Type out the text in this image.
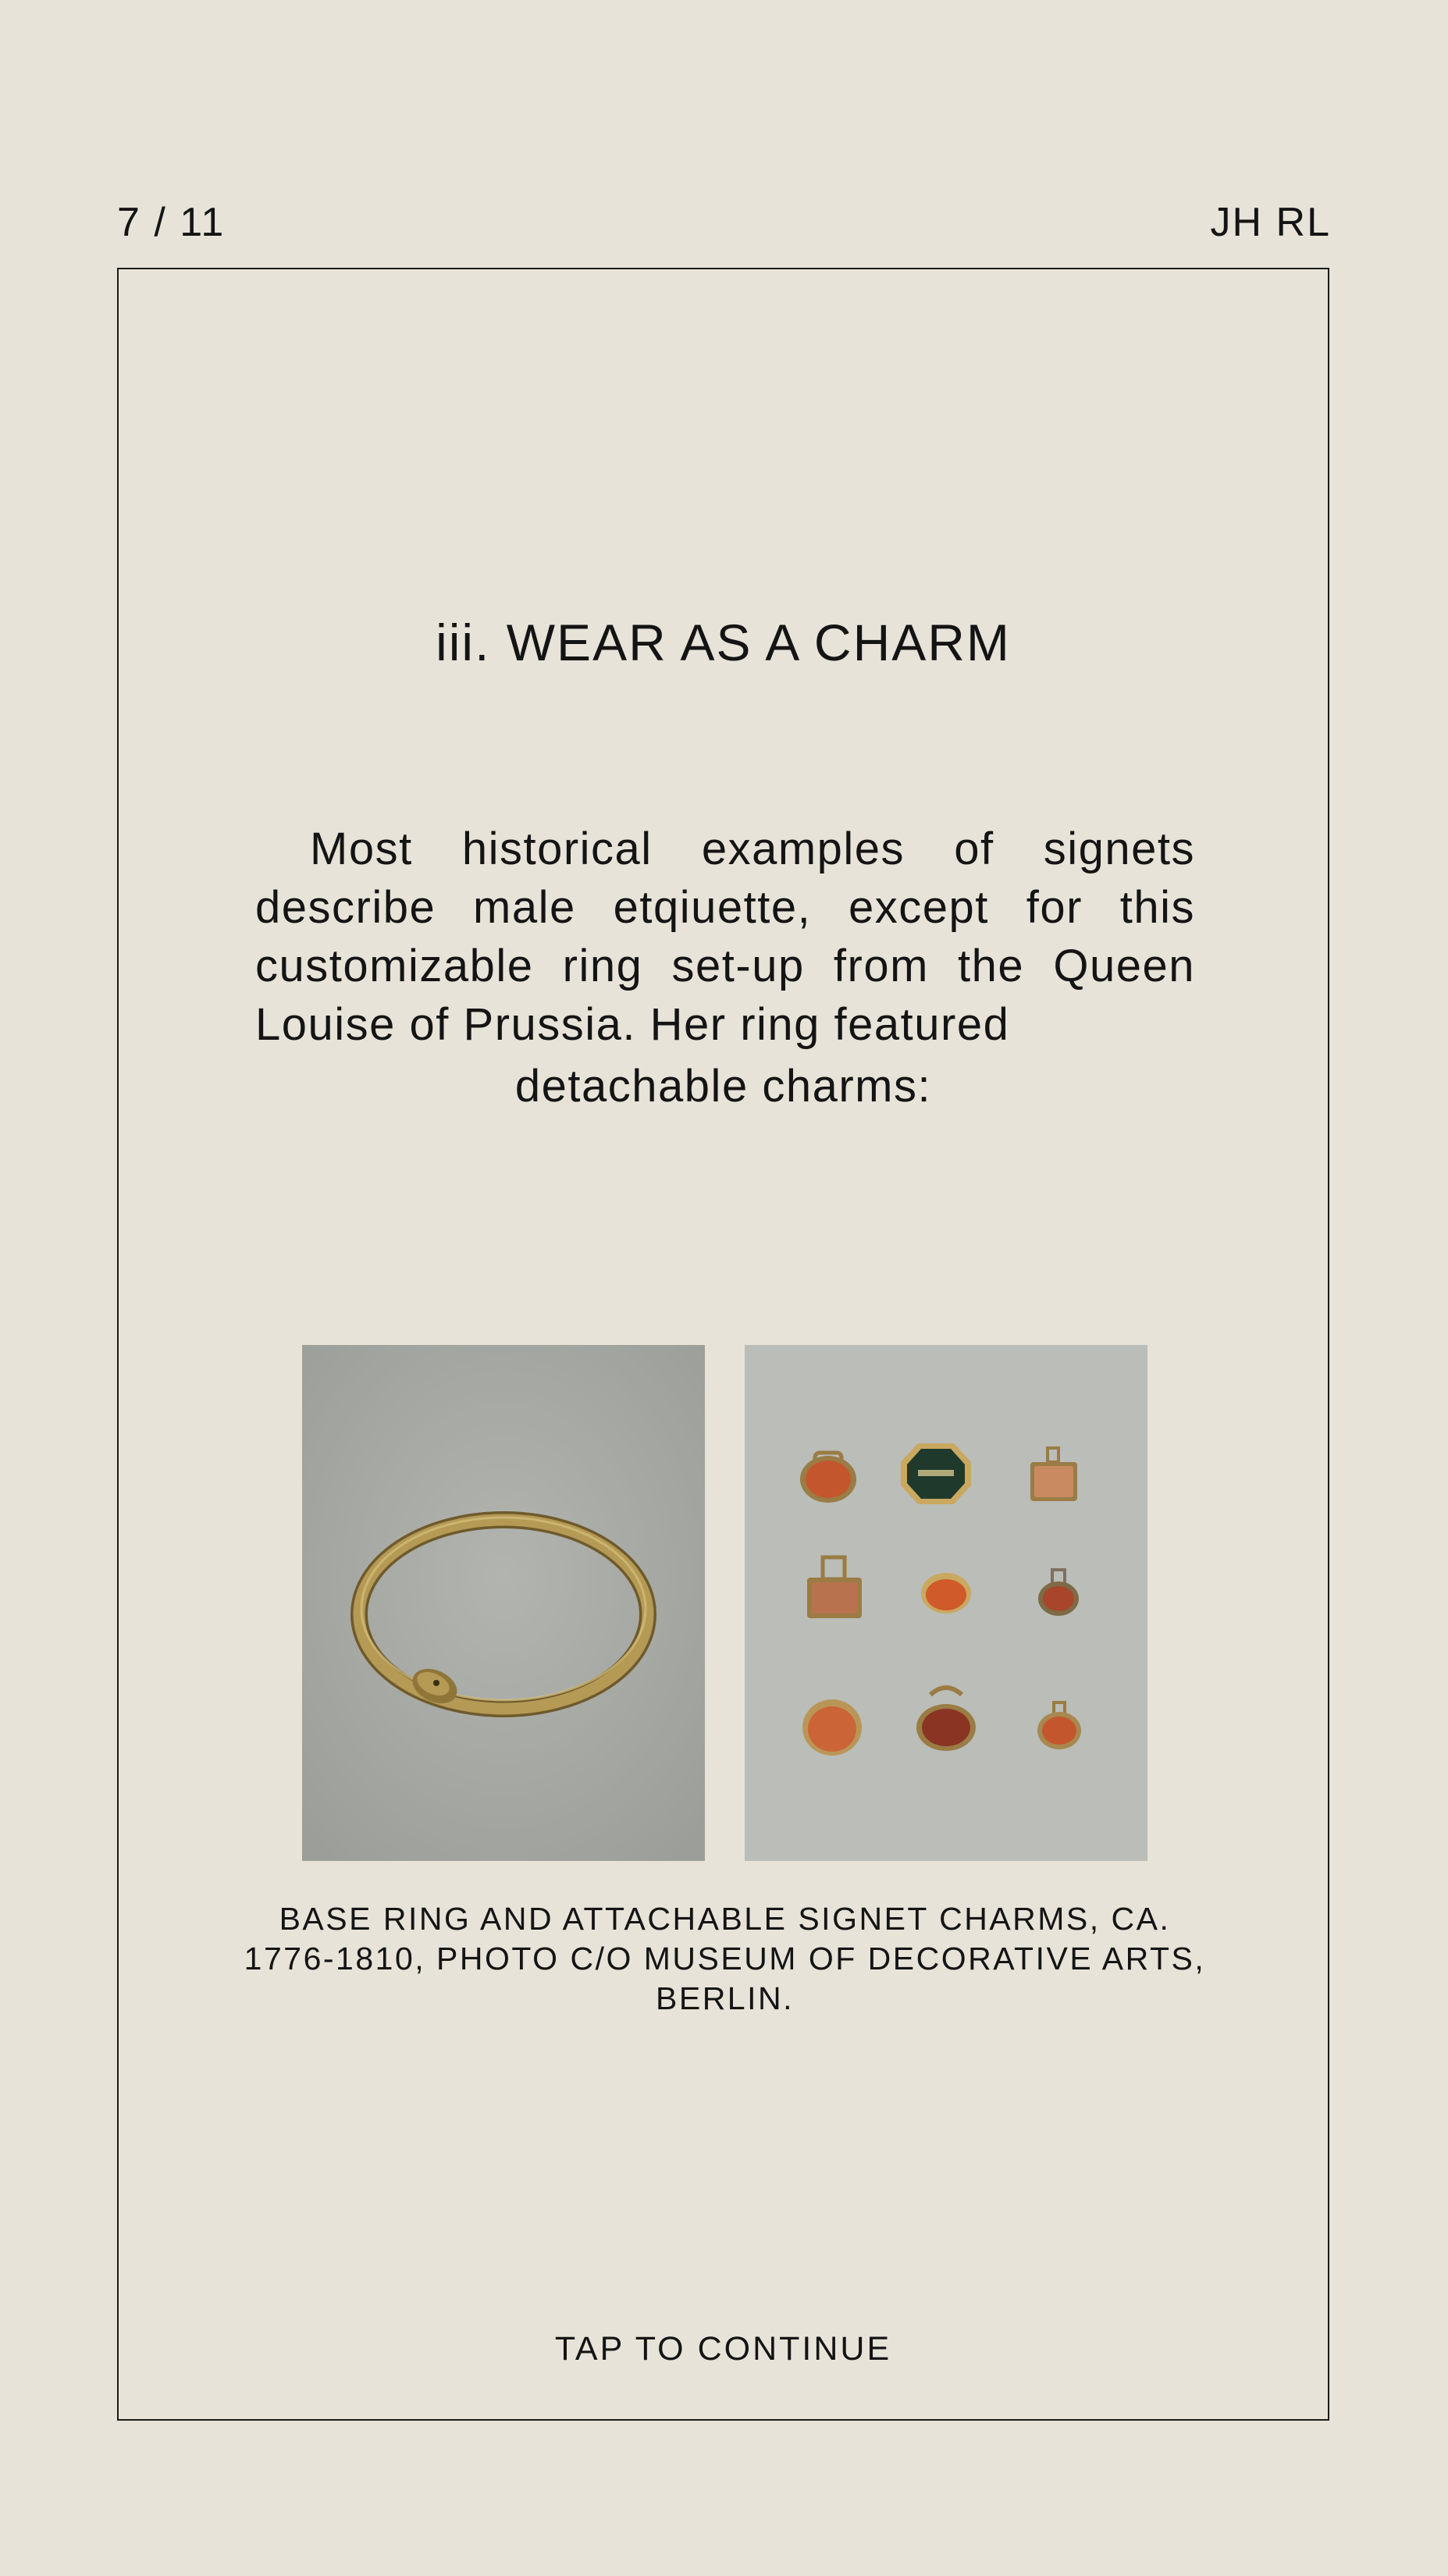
7 / 11	JH RL
iii. WEAR AS A CHARM

Most historical examples of signets describe male etqiuette, except for this customizable ring set-up from the Queen Louise of Prussia. Her ring featured

detachable charms:

BASE RING AND ATTACHABLE SIGNET CHARMS, CA. 1776-1810, PHOTO C/O MUSEUM OF DECORATIVE ARTS, BERLIN.

TAP TO CONTINUE
